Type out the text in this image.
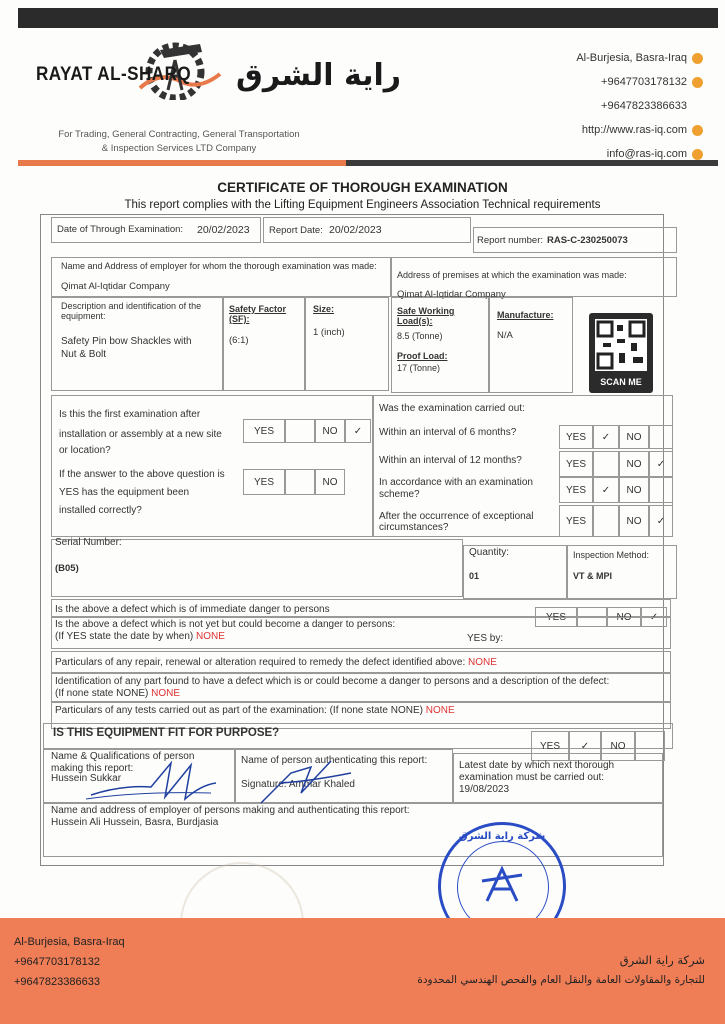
RAYAT AL-SHARQ راية الشرق
For Trading, General Contracting, General Transportation
& Inspection Services LTD Company
Al-Burjesia, Basra-Iraq
+9647703178132
+9647823386633
http://www.ras-iq.com
info@ras-iq.com
CERTIFICATE OF THOROUGH EXAMINATION
This report complies with the Lifting Equipment Engineers Association Technical requirements
Date of Through Examination: 20/02/2023 Report Date: 20/02/2023
Report number: RAS-C-230250073
Name and Address of employer for whom the thorough examination was made:
Qimat Al-Iqtidar Company
Address of premises at which the examination was made:
Qimat Al-Iqtidar Company
Description and identification of the equipment:
Safety Pin bow Shackles with
Nut & Bolt
Safety Factor (SF):
(6:1)
Size:
1 (inch)
Safe Working Load(s):
8.5 (Tonne)
Proof Load:
17 (Tonne)
Manufacture:
N/A
SCAN ME
Is this the first examination after
installation or assembly at a new site
or location?
YES	NO	✓
If the answer to the above question is
YES has the equipment been
installed correctly?
YES	NO
Was the examination carried out:
Within an interval of 6 months?	YES	✓	NO
Within an interval of 12 months?	YES	NO	✓
In accordance with an examination
scheme?	YES	✓	NO
After the occurrence of exceptional
circumstances?
YES	NO	✓
Serial Number:
(B05)
Quantity:
01
Inspection Method:
VT & MPI
Is the above a defect which is of immediate danger to persons
YES	NO	✓
Is the above a defect which is not yet but could become a danger to persons:
(If YES state the date by when) NONE	YES by:
Particulars of any repair, renewal or alteration required to remedy the defect identified above: NONE
Identification of any part found to have a defect which is or could become a danger to persons and a description of the defect:
(If none state NONE) NONE
Particulars of any tests carried out as part of the examination: (If none state NONE) NONE
IS THIS EQUIPMENT FIT FOR PURPOSE?
YES	✓	NO
Name & Qualifications of person
making this report:
Hussein Sukkar
Name of person authenticating this report:
Signature: Ammar Khaled
Latest date by which next thorough
examination must be carried out:
19/08/2023
Name and address of employer of persons making and authenticating this report:
Hussein Ali Hussein, Basra, Burdjasia
شركة راية الشرق
Al-Burjesia, Basra-Iraq
+9647703178132
+9647823386633
شركة راية الشرق
للتجارة والمقاولات العامة والنقل العام والفحص الهندسي المحدودة
